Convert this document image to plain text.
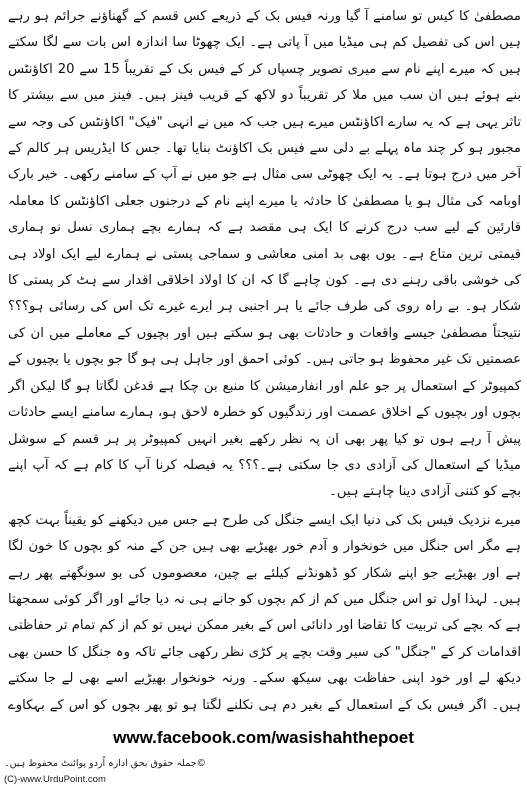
مصطفیٰ کا کیس تو سامنے آ گیا ورنہ فیس بک کے ذریعے کس قسم کے گھناؤنے جرائم ہو رہے ہیں اس کی تفصیل کم ہی میڈیا میں آ پاتی ہے۔ ایک چھوٹا سا اندازہ اس بات سے لگا سکتے ہیں کہ میرے اپنے نام سے میری تصویر چسپاں کر کے فیس بک کے تقریباً 15 سے 20 اکاؤنٹس بنے ہوئے ہیں ان سب میں ملا کر تقریباً دو لاکھ کے قریب فینز ہیں۔ فینز میں سے بیشتر کا تاثر یہی ہے کہ یہ سارے اکاؤنٹس میرے ہیں جب کہ میں نے انہی "فیک" اکاؤنٹس کی وجہ سے مجبور ہو کر چند ماہ پہلے بے دلی سے فیس بک اکاؤنٹ بنایا تھا۔ جس کا ایڈریس ہر کالم کے آخر میں درج ہوتا ہے۔ یہ ایک چھوٹی سی مثال ہے جو میں نے آپ کے سامنے رکھی۔ خیر بارک اوبامہ کی مثال ہو یا مصطفیٰ کا حادثہ یا میرے اپنے نام کے درجنوں جعلی اکاؤنٹس کا معاملہ قارئین کے لیے سب درج کرنے کا ایک ہی مقصد ہے کہ ہمارے بچے ہماری نسل نو ہماری قیمتی ترین متاع ہے۔ یوں بھی بد امنی معاشی و سماجی پستی نے ہمارے لیے ایک اولاد ہی کی خوشی باقی رہنے دی ہے۔ کون چاہے گا کہ ان کا اولاد اخلاقی اقدار سے ہٹ کر پستی کا شکار ہو۔ بے راہ روی کی طرف جائے یا ہر اجنبی ہر ایرے غیرے تک اس کی رسائی ہو؟؟؟ نتیجتاً مصطفیٰ جیسے واقعات و حادثات بھی ہو سکتے ہیں اور بچیوں کے معاملے میں ان کی عصمتیں تک غیر محفوظ ہو جاتی ہیں۔ کوئی احمق اور جاہل ہی ہو گا جو بچوں یا بچیوں کے کمپیوٹر کے استعمال پر جو علم اور انفارمیشن کا منبع بن چکا ہے قدغن لگاتا ہو گا لیکن اگر بچوں اور بچیوں کے اخلاق عصمت اور زندگیوں کو خطرہ لاحق ہو، ہمارے سامنے ایسے حادثات پیش آ رہے ہوں تو کیا پھر بھی ان پہ نظر رکھے بغیر انہیں کمپیوٹر پر ہر قسم کے سوشل میڈیا کے استعمال کی آزادی دی جا سکتی ہے۔؟؟؟ یہ فیصلہ کرنا آپ کا کام ہے کہ آپ اپنے بچے کو کتنی آزادی دینا چاہتے ہیں۔

میرے نزدیک فیس بک کی دنیا ایک ایسے جنگل کی طرح ہے جس میں دیکھنے کو یقیناً بہت کچھ ہے مگر اس جنگل میں خونخوار و آدم خور بھیڑیے بھی ہیں جن کے منہ کو بچوں کا خون لگا ہے اور بھیڑیے جو اپنے شکار کو ڈھونڈنے کیلئے بے چین، معصوموں کی بو سونگھتے پھر رہے ہیں۔ لہذا اول تو اس جنگل میں کم از کم بچوں کو جانے ہی نہ دیا جائے اور اگر کوئی سمجھتا ہے کہ بچے کی تربیت کا تقاضا اور دانائی اس کے بغیر ممکن نہیں تو کم از کم تمام تر حفاظتی اقدامات کر کے "جنگل" کی سیر وقت بچے پر کڑی نظر رکھی جائے تاکہ وہ جنگل کا حسن بھی دیکھ لے اور خود اپنی حفاظت بھی سیکھ سکے۔ ورنہ خونخوار بھیڑیے اسے بھی لے جا سکتے ہیں۔ اگر فیس بک کے استعمال کے بغیر دم ہی نکلنے لگتا ہو تو پھر بچوں کو اس کے بہکاوے

www.facebook.com/wasishahthepoet
©جملہ حقوق بحق ادارہ اُردو پوائنٹ محفوظ ہیں۔
(C)-www.UrduPoint.com
